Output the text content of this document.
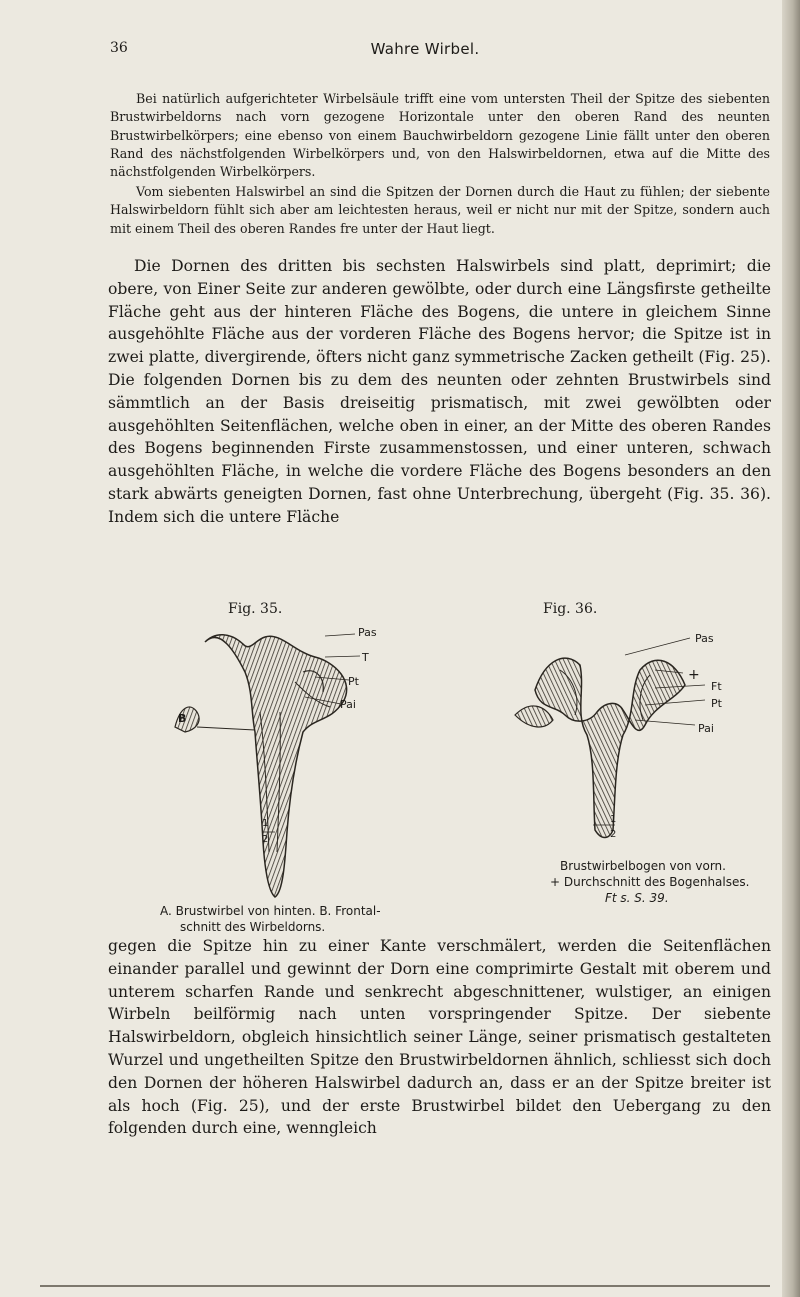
36	Wahre Wirbel.

Bei natürlich aufgerichteter Wirbelsäule trifft eine vom untersten Theil der Spitze des siebenten Brustwirbeldorns nach vorn gezogene Horizontale unter den oberen Rand des neunten Brustwirbelkörpers; eine ebenso von einem Bauchwirbeldorn gezogene Linie fällt unter den oberen Rand des nächstfolgenden Wirbelkörpers und, von den Halswirbeldornen, etwa auf die Mitte des nächstfolgenden Wirbelkörpers.

Vom siebenten Halswirbel an sind die Spitzen der Dornen durch die Haut zu fühlen; der siebente Halswirbeldorn fühlt sich aber am leichtesten heraus, weil er nicht nur mit der Spitze, sondern auch mit einem Theil des oberen Randes fre unter der Haut liegt.

Die Dornen des dritten bis sechsten Halswirbels sind platt, deprimirt; die obere, von Einer Seite zur anderen gewölbte, oder durch eine Längsfirste getheilte Fläche geht aus der hinteren Fläche des Bogens, die untere in gleichem Sinne ausgehöhlte Fläche aus der vorderen Fläche des Bogens hervor; die Spitze ist in zwei platte, divergirende, öfters nicht ganz symmetrische Zacken getheilt (Fig. 25). Die folgenden Dornen bis zu dem des neunten oder zehnten Brustwirbels sind sämmtlich an der Basis dreiseitig prismatisch, mit zwei gewölbten oder ausgehöhlten Seitenflächen, welche oben in einer, an der Mitte des oberen Randes des Bogens beginnenden Firste zusammenstossen, und einer unteren, schwach ausgehöhlten Fläche, in welche die vordere Fläche des Bogens besonders an den stark abwärts geneigten Dornen, fast ohne Unterbrechung, übergeht (Fig. 35. 36). Indem sich die untere Fläche

Fig. 35.
Pas
T
Pt
Pai
B
1
2
A. Brustwirbel von hinten. B. Frontal-
schnitt des Wirbeldorns.
Fig. 36.
Pas
+
Ft
Pt
Pai
1
2
Brustwirbelbogen von vorn.
+ Durchschnitt des Bogenhalses.
Ft s. S. 39.

gegen die Spitze hin zu einer Kante verschmälert, werden die Seitenflächen einander parallel und gewinnt der Dorn eine comprimirte Gestalt mit oberem und unterem scharfen Rande und senkrecht abgeschnittener, wulstiger, an einigen Wirbeln beilförmig nach unten vorspringender Spitze. Der siebente Halswirbeldorn, obgleich hinsichtlich seiner Länge, seiner prismatisch gestalteten Wurzel und ungetheilten Spitze den Brustwirbeldornen ähnlich, schliesst sich doch den Dornen der höheren Halswirbel dadurch an, dass er an der Spitze breiter ist als hoch (Fig. 25), und der erste Brustwirbel bildet den Uebergang zu den folgenden durch eine, wenngleich
